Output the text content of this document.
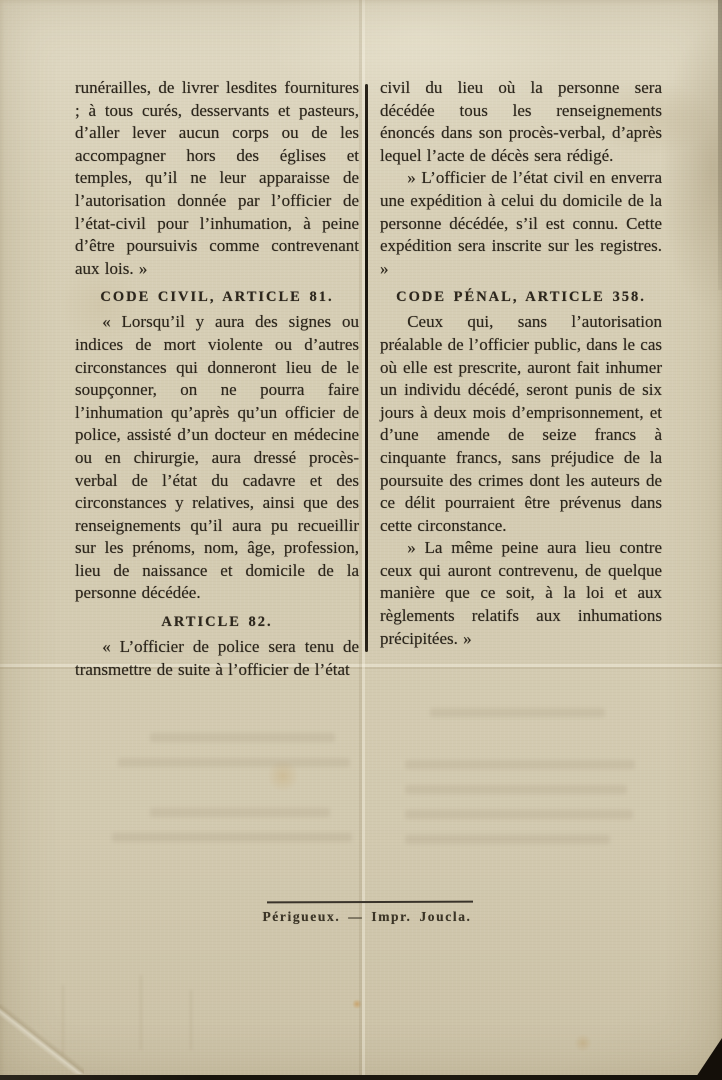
runérailles, de livrer lesdites fournitures ; à tous curés, desservants et pasteurs, d’aller lever aucun corps ou de les accompagner hors des églises et temples, qu’il ne leur apparaisse de l’autorisation donnée par l’officier de l’état-civil pour l’inhumation, à peine d’être poursuivis comme contrevenant aux lois. »

CODE CIVIL, ARTICLE 81.

« Lorsqu’il y aura des signes ou indices de mort violente ou d’autres circonstances qui donneront lieu de le soupçonner, on ne pourra faire l’inhumation qu’après qu’un officier de police, assisté d’un docteur en médecine ou en chirurgie, aura dressé procès-verbal de l’état du cadavre et des circonstances y relatives, ainsi que des renseignements qu’il aura pu recueillir sur les prénoms, nom, âge, profession, lieu de naissance et domicile de la personne décédée.

ARTICLE 82.

« L’officier de police sera tenu de transmettre de suite à l’officier de l’état

civil du lieu où la personne sera décédée tous les renseignements énoncés dans son procès-verbal, d’après lequel l’acte de décès sera rédigé.

» L’officier de l’état civil en enverra une expédition à celui du domicile de la personne décédée, s’il est connu. Cette expédition sera inscrite sur les registres. »

CODE PÉNAL, ARTICLE 358.

Ceux qui, sans l’autorisation préalable de l’officier public, dans le cas où elle est prescrite, auront fait inhumer un individu décédé, seront punis de six jours à deux mois d’emprisonnement, et d’une amende de seize francs à cinquante francs, sans préjudice de la poursuite des crimes dont les auteurs de ce délit pourraient être prévenus dans cette circonstance.

» La même peine aura lieu contre ceux qui auront contrevenu, de quelque manière que ce soit, à la loi et aux règlements relatifs aux inhumations précipitées. »

Périgueux. — Impr. Joucla.
